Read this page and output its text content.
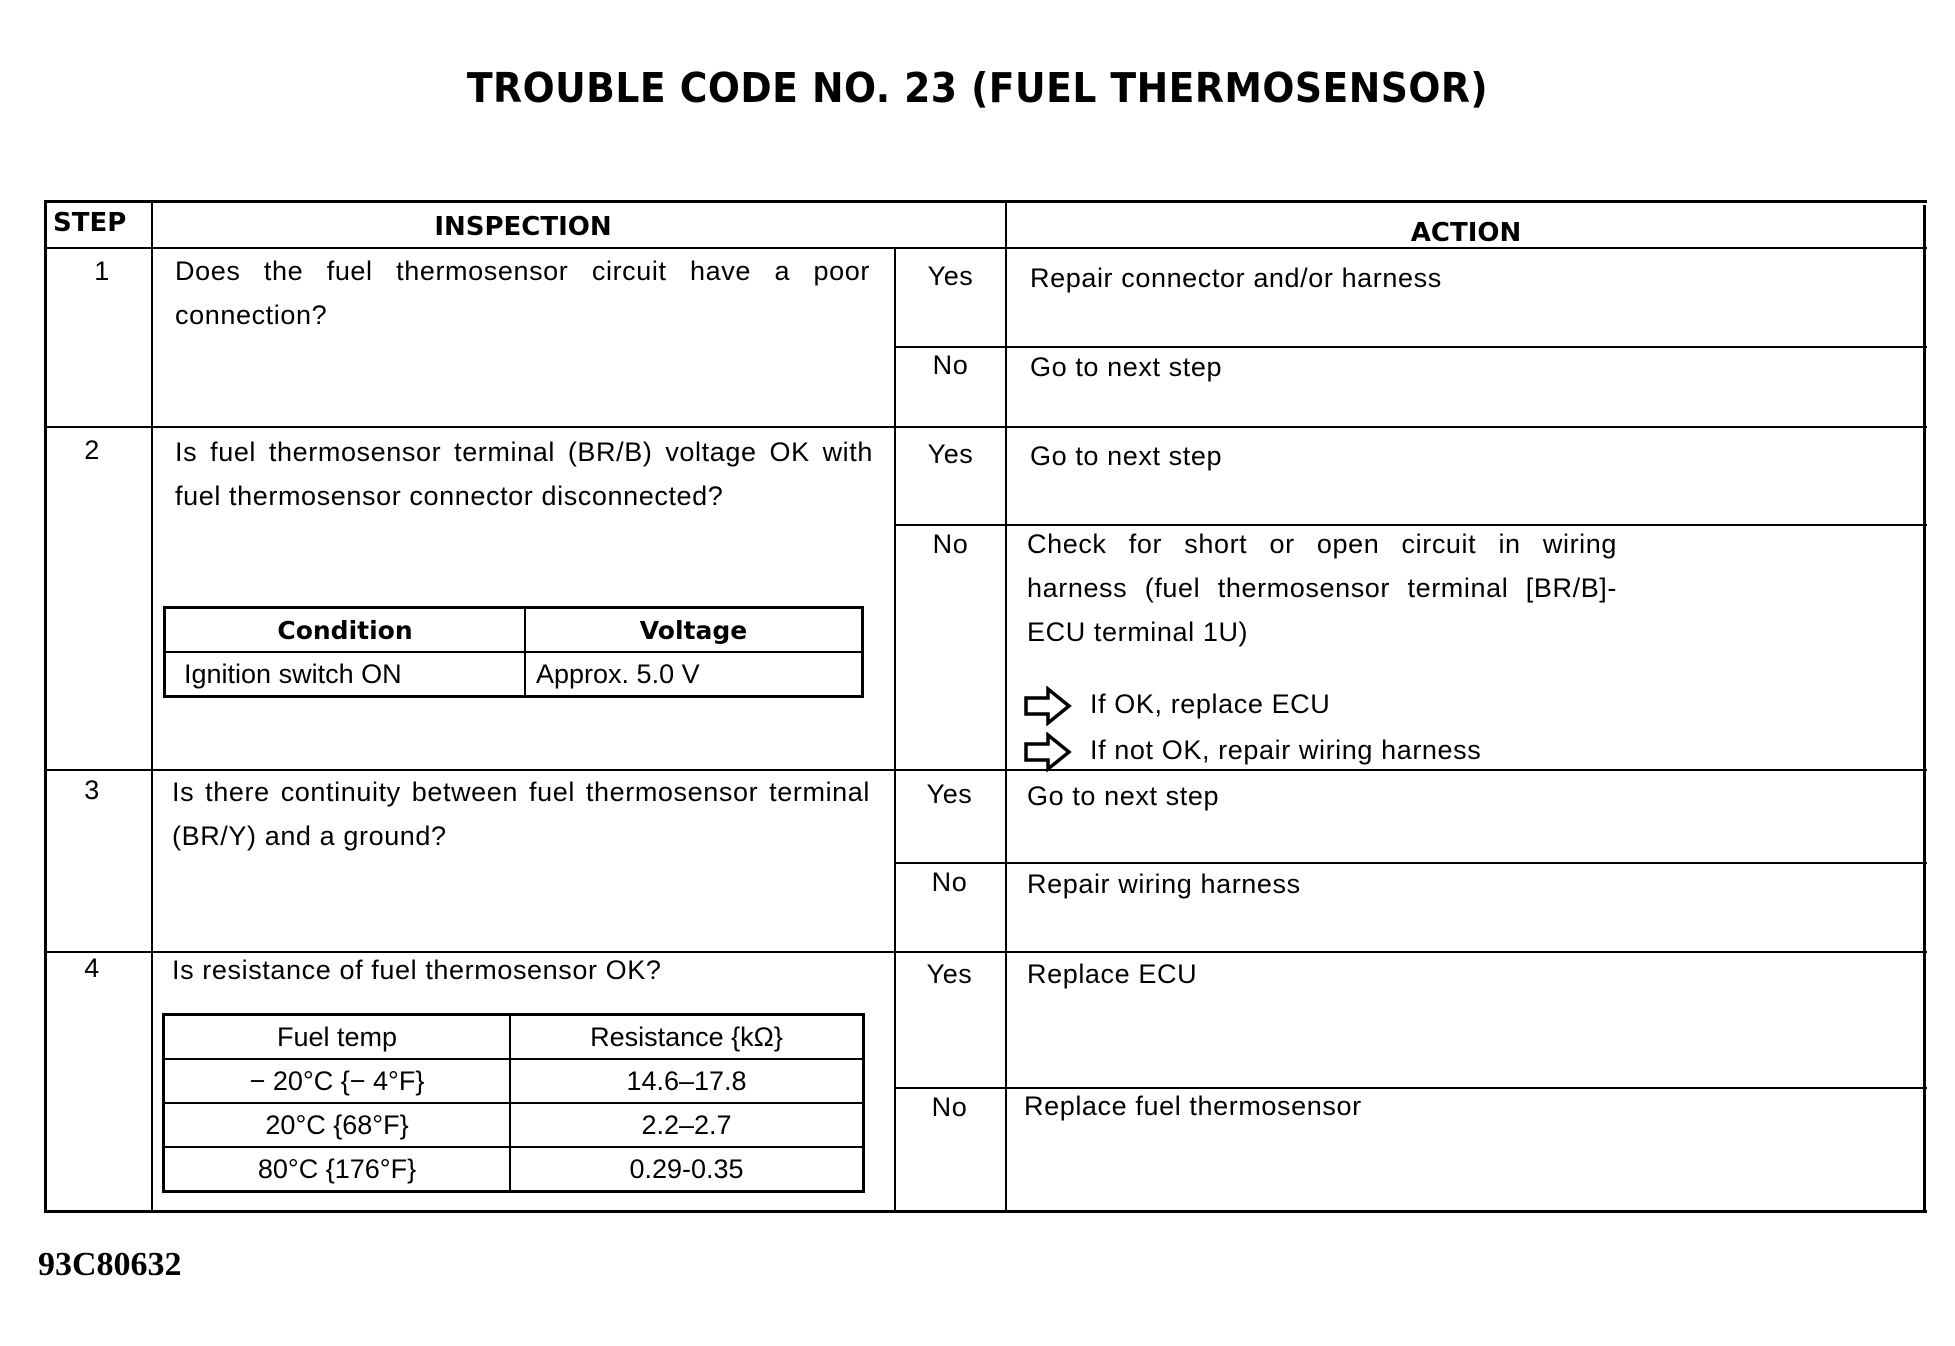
TROUBLE CODE NO. 23 (FUEL THERMOSENSOR)
STEP	INSPECTION	ACTION
1	Does the fuel thermosensor circuit have a poor connection?
Yes	Repair connector and/or harness
No	Go to next step
2	Is fuel thermosensor terminal (BR/B) voltage OK with fuel thermosensor connector disconnected?
Condition	Voltage
Ignition switch ON	Approx. 5.0 V
Yes	Go to next step
No	Check for short or open circuit in wiring harness (fuel thermosensor terminal [BR/B]-ECU terminal 1U)
If OK, replace ECU
If not OK, repair wiring harness
3	Is there continuity between fuel thermosensor terminal (BR/Y) and a ground?
Yes	Go to next step
No	Repair wiring harness
4	Is resistance of fuel thermosensor OK?
Fuel temp	Resistance {kΩ}
− 20°C {− 4°F}	14.6–17.8
20°C {68°F}	2.2–2.7
80°C {176°F}	0.29-0.35
Yes	Replace ECU
No	Replace fuel thermosensor
93C80632
